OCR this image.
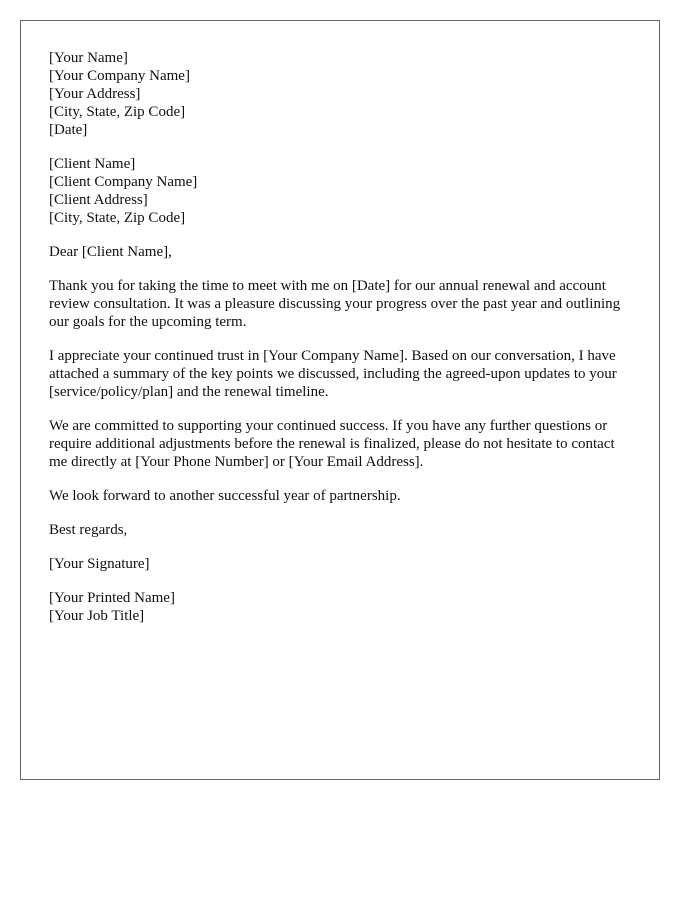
[Your Name]
[Your Company Name]
[Your Address]
[City, State, Zip Code]
[Date]
[Client Name]
[Client Company Name]
[Client Address]
[City, State, Zip Code]

Dear [Client Name],

Thank you for taking the time to meet with me on [Date] for our annual renewal and account review consultation. It was a pleasure discussing your progress over the past year and outlining our goals for the upcoming term.

I appreciate your continued trust in [Your Company Name]. Based on our conversation, I have attached a summary of the key points we discussed, including the agreed-upon updates to your [service/policy/plan] and the renewal timeline.

We are committed to supporting your continued success. If you have any further questions or require additional adjustments before the renewal is finalized, please do not hesitate to contact me directly at [Your Phone Number] or [Your Email Address].

We look forward to another successful year of partnership.

Best regards,

[Your Signature]

[Your Printed Name]
[Your Job Title]
